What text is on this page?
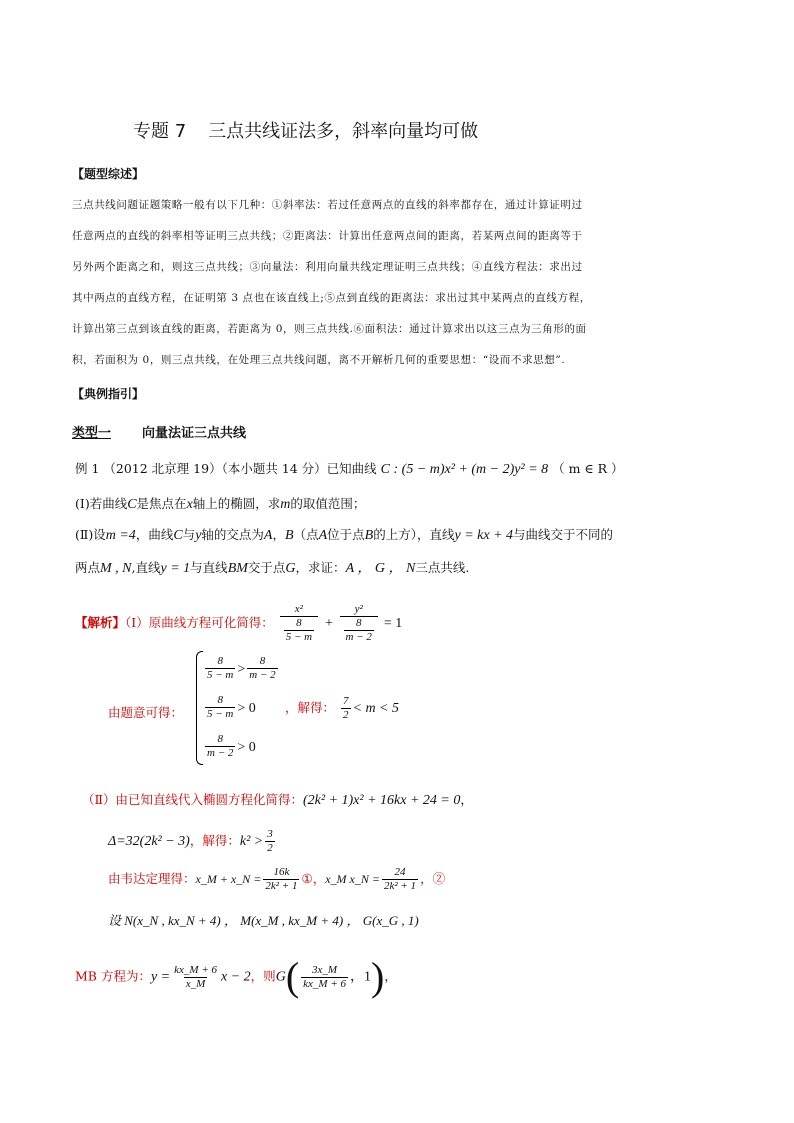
专题 7 三点共线证法多，斜率向量均可做
【题型综述】
三点共线问题证题策略一般有以下几种：①斜率法：若过任意两点的直线的斜率都存在，通过计算证明过
任意两点的直线的斜率相等证明三点共线；②距离法：计算出任意两点间的距离，若某两点间的距离等于
另外两个距离之和，则这三点共线；③向量法：利用向量共线定理证明三点共线；④直线方程法：求出过
其中两点的直线方程，在证明第 3 点也在该直线上;⑤点到直线的距离法：求出过其中某两点的直线方程，
计算出第三点到该直线的距离，若距离为 0，则三点共线.⑥面积法：通过计算求出以这三点为三角形的面
积，若面积为 0，则三点共线，在处理三点共线问题，离不开解析几何的重要思想：“设而不求思想”.
【典例指引】
类型一 向量法证三点共线
例 1 （2012 北京理 19）（本小题共 14 分）已知曲线 C : (5 − m)x² + (m − 2)y² = 8 （ m ∈ R ）
(Ⅰ)若曲线C是焦点在x轴上的椭圆，求m的取值范围；
(Ⅱ)设m =4，曲线C与y轴的交点为A，B（点A位于点B的上方），直线y = kx + 4与曲线交于不同的
两点M , N,直线y = 1与直线BM交于点G，求证：A ， G ， N三点共线.
【解析】（Ⅰ）原曲线方程可化简得： $\frac{\text{x²}}{\frac{8}{5 - m}} + \frac{\text{y²}}{\frac{8}{m - 2}} = 1$
由题意可得：
$\frac{8}{5 - m} > \frac{8}{m - 2}$
$\frac{8}{5 - m} > 0$
$\frac{8}{m - 2} > 0$
，解得： $\frac{7}{2} < m < 5$
（Ⅱ）由已知直线代入椭圆方程化简得：(2k² + 1)x² + 16kx + 24 = 0，
Δ=32(2k² − 3)，解得：$k^2 > \frac{3}{2}$
由韦达定理得：x_M + x_N = $\frac{16k}{\text{2k² + 1}}$ ①，x_M x_N = $\frac{24}{\text{2k² + 1}}$ ，②
设 N(x_N , kx_N + 4) ， M(x_M , kx_M + 4) ， G(x_G , 1)
MB 方程为：$y = \frac{kx\_M + 6}{x\_M}$ x − 2，则$G( \frac{3x\_M}{kx\_M + 6}$ ，1)，
